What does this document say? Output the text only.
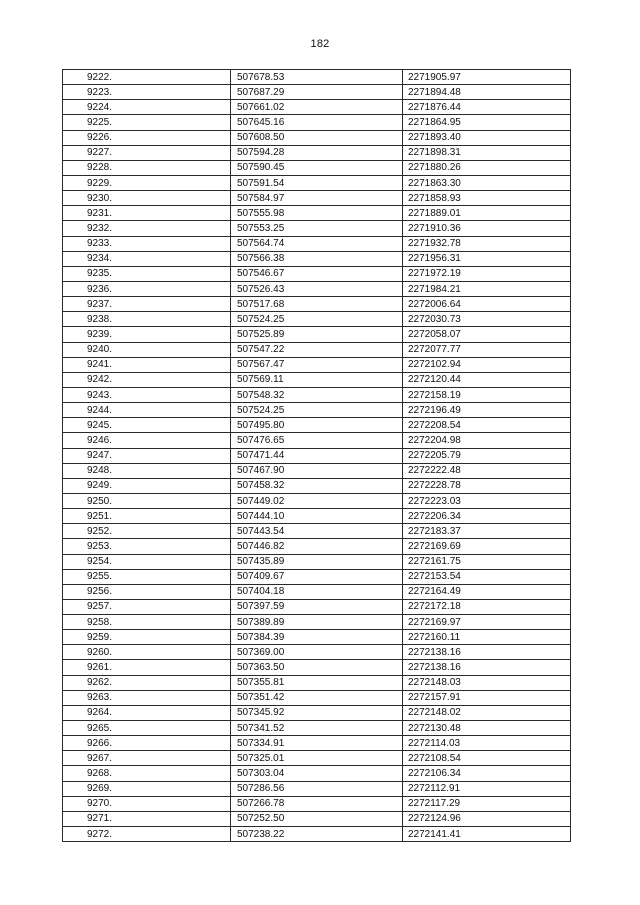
182
9222.	507678.53	2271905.97
9223.	507687.29	2271894.48
9224.	507661.02	2271876.44
9225.	507645.16	2271864.95
9226.	507608.50	2271893.40
9227.	507594.28	2271898.31
9228.	507590.45	2271880.26
9229.	507591.54	2271863.30
9230.	507584.97	2271858.93
9231.	507555.98	2271889.01
9232.	507553.25	2271910.36
9233.	507564.74	2271932.78
9234.	507566.38	2271956.31
9235.	507546.67	2271972.19
9236.	507526.43	2271984.21
9237.	507517.68	2272006.64
9238.	507524.25	2272030.73
9239.	507525.89	2272058.07
9240.	507547.22	2272077.77
9241.	507567.47	2272102.94
9242.	507569.11	2272120.44
9243.	507548.32	2272158.19
9244.	507524.25	2272196.49
9245.	507495.80	2272208.54
9246.	507476.65	2272204.98
9247.	507471.44	2272205.79
9248.	507467.90	2272222.48
9249.	507458.32	2272228.78
9250.	507449.02	2272223.03
9251.	507444.10	2272206.34
9252.	507443.54	2272183.37
9253.	507446.82	2272169.69
9254.	507435.89	2272161.75
9255.	507409.67	2272153.54
9256.	507404.18	2272164.49
9257.	507397.59	2272172.18
9258.	507389.89	2272169.97
9259.	507384.39	2272160.11
9260.	507369.00	2272138.16
9261.	507363.50	2272138.16
9262.	507355.81	2272148.03
9263.	507351.42	2272157.91
9264.	507345.92	2272148.02
9265.	507341.52	2272130.48
9266.	507334.91	2272114.03
9267.	507325.01	2272108.54
9268.	507303.04	2272106.34
9269.	507286.56	2272112.91
9270.	507266.78	2272117.29
9271.	507252.50	2272124.96
9272.	507238.22	2272141.41
